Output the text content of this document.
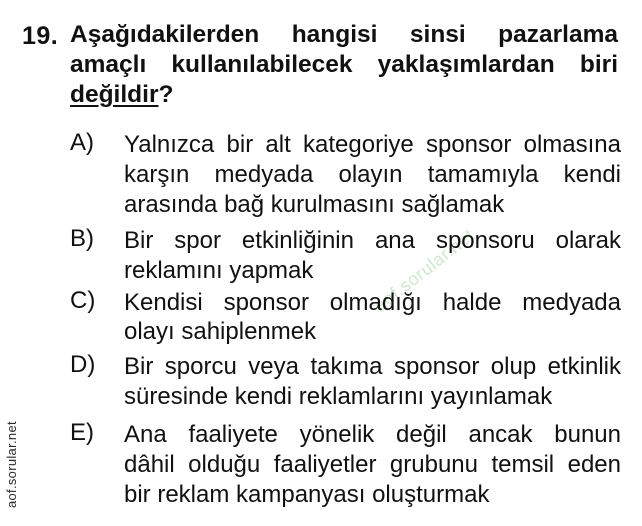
aof.sorular.net
19. Aşağıdakilerden hangisi sinsi pazarlama
amaçlı kullanılabilecek yaklaşımlardan biri
değildir?
A) Yalnızca bir alt kategoriye sponsor olmasına
karşın medyada olayın tamamıyla kendi
arasında bağ kurulmasını sağlamak
B) Bir spor etkinliğinin ana sponsoru olarak
reklamını yapmak
C) Kendisi sponsor olmadığı halde medyada
olayı sahiplenmek
D) Bir sporcu veya takıma sponsor olup etkinlik
süresinde kendi reklamlarını yayınlamak
E) Ana faaliyete yönelik değil ancak bunun
dâhil olduğu faaliyetler grubunu temsil eden
bir reklam kampanyası oluşturmak
aof.sorular.net
